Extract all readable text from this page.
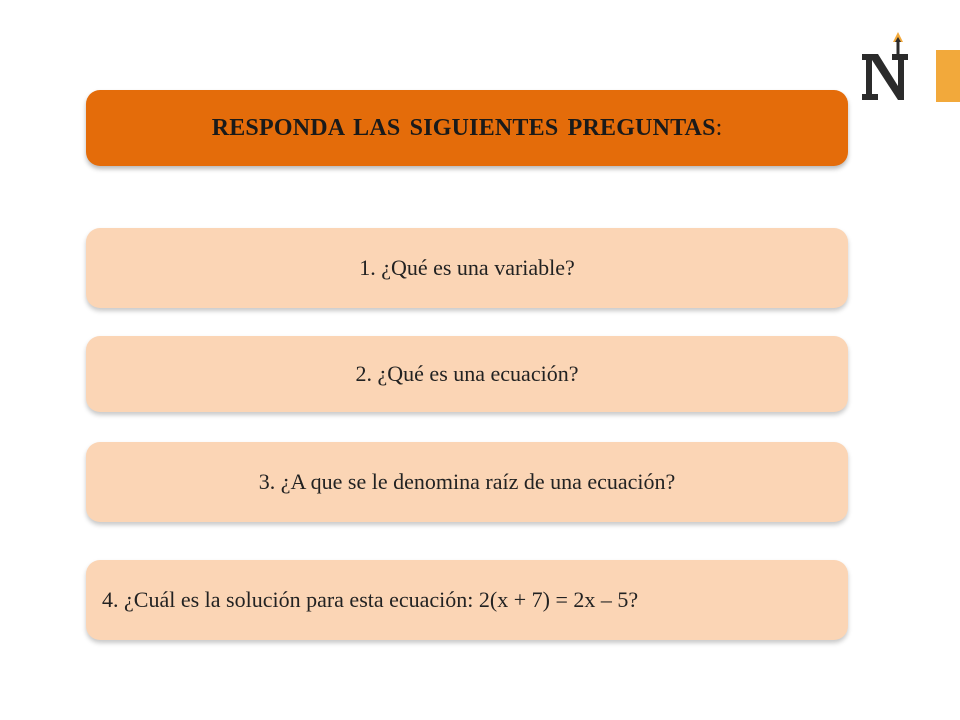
RESPONDA LAS SIGUIENTES PREGUNTAS :
1. ¿Qué es una variable?
2. ¿Qué es una ecuación?
3. ¿A que se le denomina raíz de una ecuación?
4. ¿Cuál es la solución para esta ecuación: 2(x + 7) = 2x – 5?
